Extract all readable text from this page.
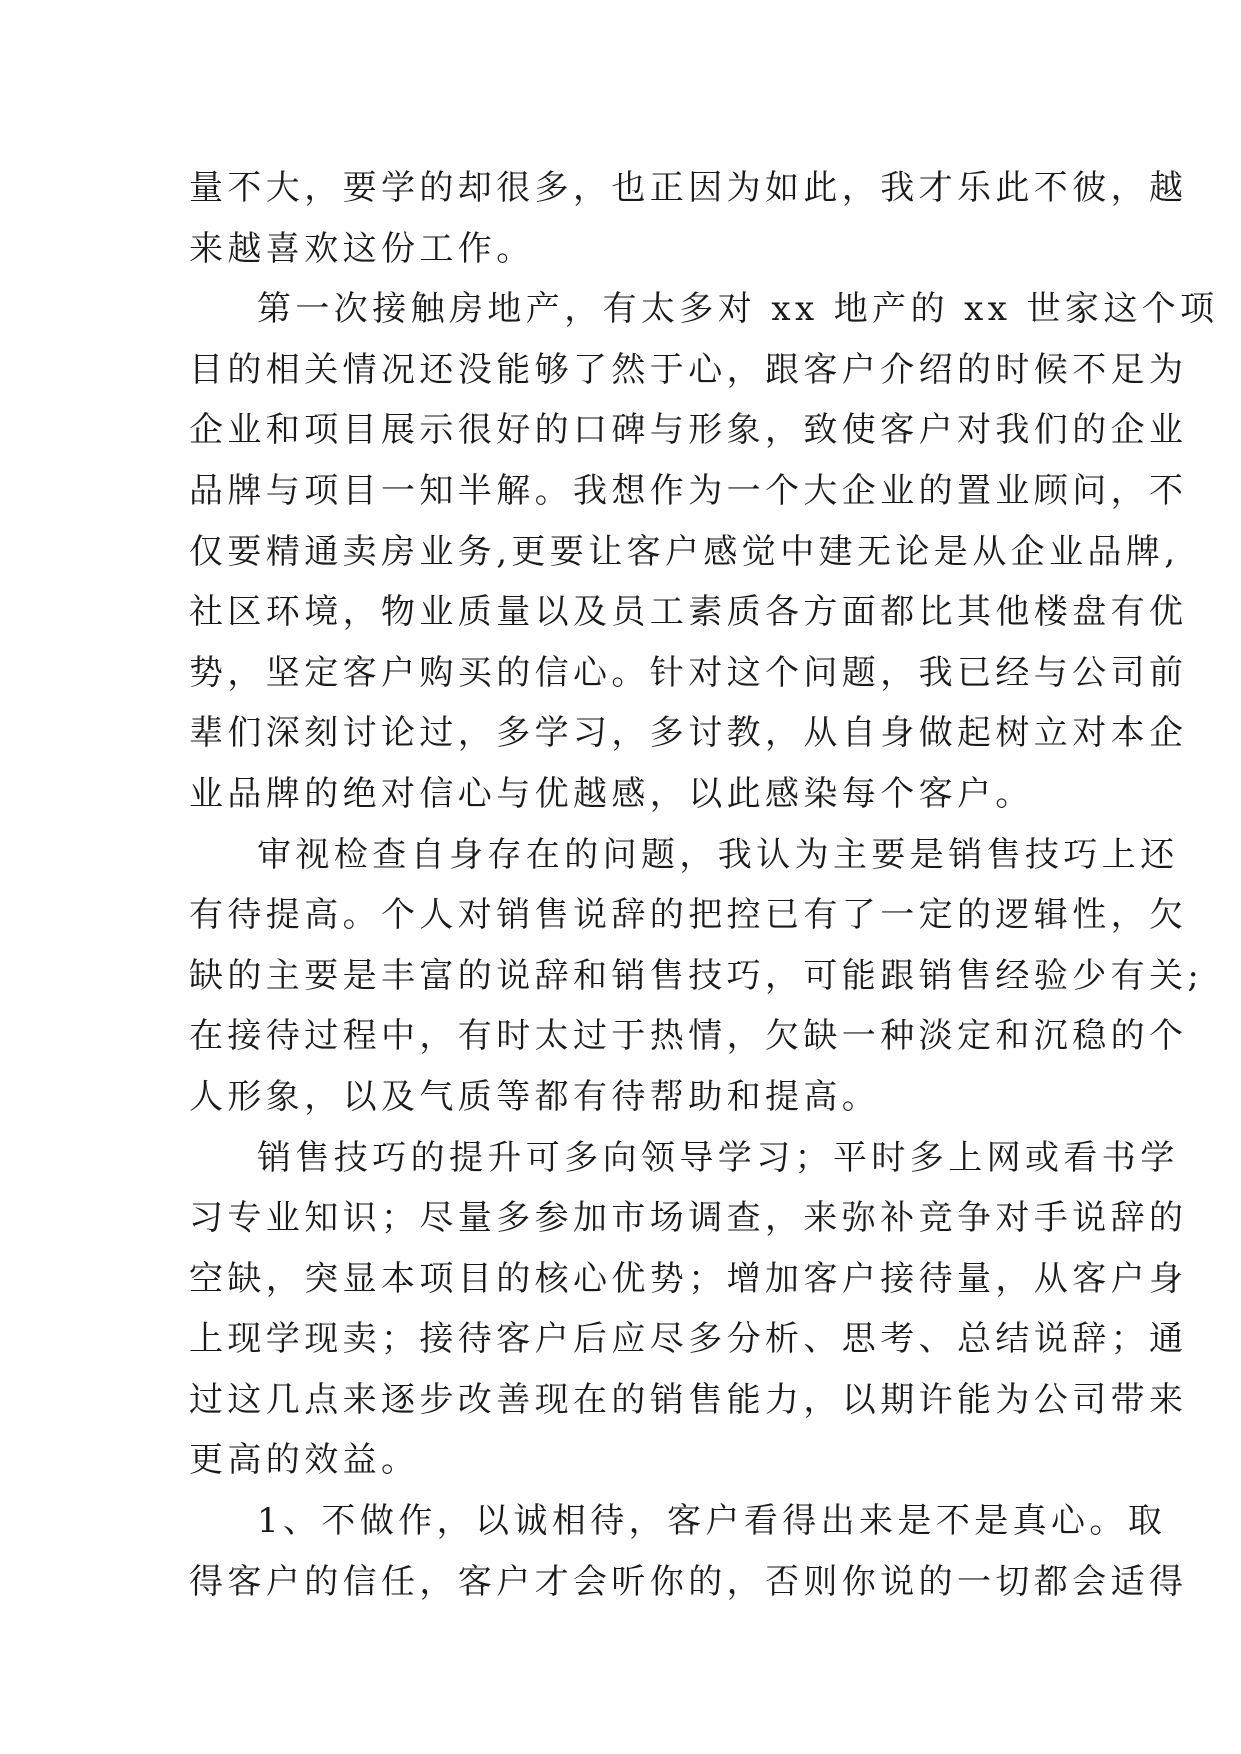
量不大，要学的却很多，也正因为如此，我才乐此不彼，越
来越喜欢这份工作。
第一次接触房地产，有太多对 xx 地产的 xx 世家这个项
目的相关情况还没能够了然于心，跟客户介绍的时候不足为
企业和项目展示很好的口碑与形象，致使客户对我们的企业
品牌与项目一知半解。我想作为一个大企业的置业顾问，不
仅要精通卖房业务,更要让客户感觉中建无论是从企业品牌,
社区环境，物业质量以及员工素质各方面都比其他楼盘有优
势，坚定客户购买的信心。针对这个问题，我已经与公司前
辈们深刻讨论过，多学习，多讨教，从自身做起树立对本企
业品牌的绝对信心与优越感，以此感染每个客户。
审视检查自身存在的问题，我认为主要是销售技巧上还
有待提高。个人对销售说辞的把控已有了一定的逻辑性，欠
缺的主要是丰富的说辞和销售技巧，可能跟销售经验少有关;
在接待过程中，有时太过于热情，欠缺一种淡定和沉稳的个
人形象，以及气质等都有待帮助和提高。
销售技巧的提升可多向领导学习；平时多上网或看书学
习专业知识；尽量多参加市场调查，来弥补竞争对手说辞的
空缺，突显本项目的核心优势；增加客户接待量，从客户身
上现学现卖；接待客户后应尽多分析、思考、总结说辞；通
过这几点来逐步改善现在的销售能力，以期许能为公司带来
更高的效益。
1、不做作，以诚相待，客户看得出来是不是真心。取
得客户的信任，客户才会听你的，否则你说的一切都会适得
